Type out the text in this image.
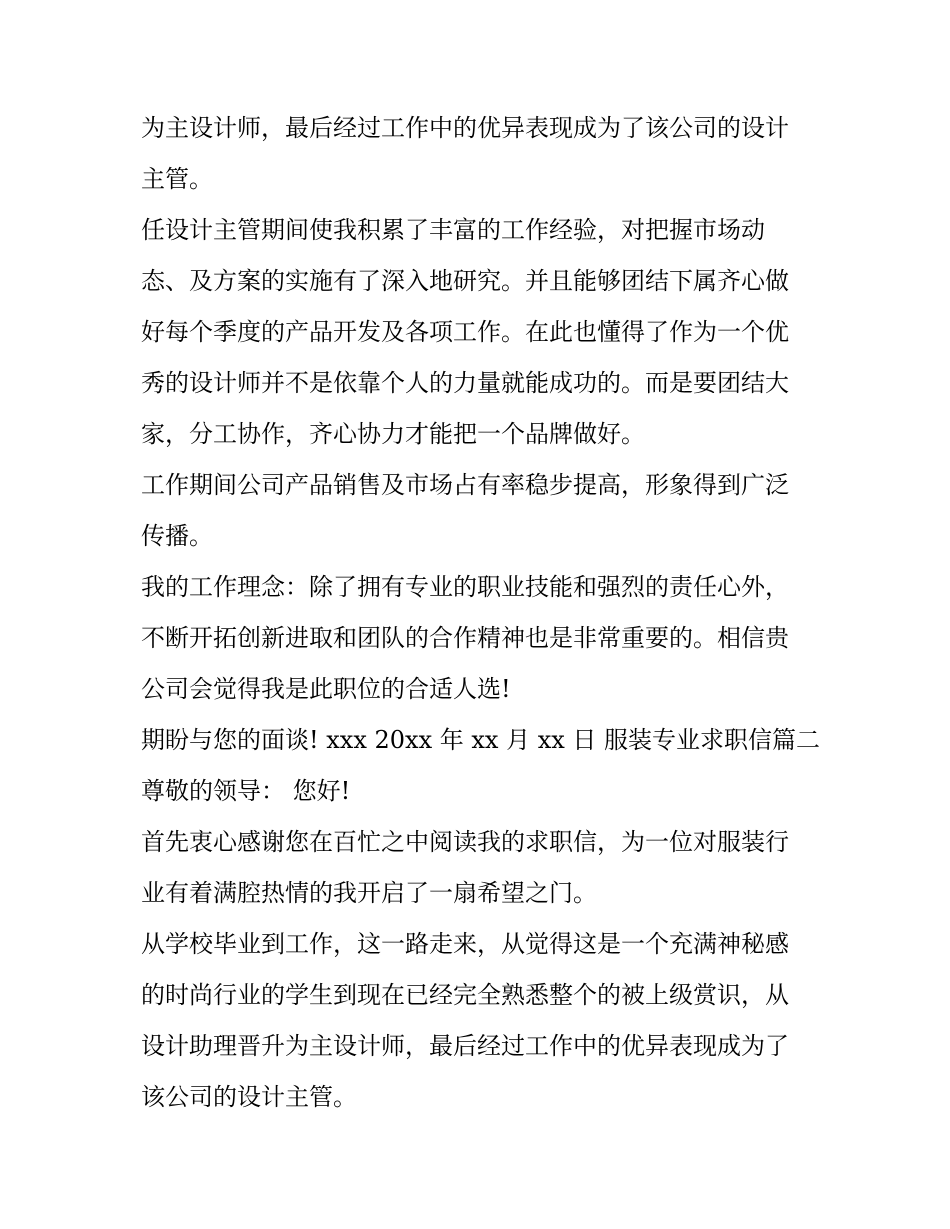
为主设计师，最后经过工作中的优异表现成为了该公司的设计
主管。
任设计主管期间使我积累了丰富的工作经验，对把握市场动
态、及方案的实施有了深入地研究。并且能够团结下属齐心做
好每个季度的产品开发及各项工作。在此也懂得了作为一个优
秀的设计师并不是依靠个人的力量就能成功的。而是要团结大
家，分工协作，齐心协力才能把一个品牌做好。
工作期间公司产品销售及市场占有率稳步提高，形象得到广泛
传播。
我的工作理念：除了拥有专业的职业技能和强烈的责任心外，
不断开拓创新进取和团队的合作精神也是非常重要的。相信贵
公司会觉得我是此职位的合适人选!
期盼与您的面谈! xxx 20xx 年 xx 月 xx 日 服装专业求职信篇二
尊敬的领导： 您好!
首先衷心感谢您在百忙之中阅读我的求职信，为一位对服装行
业有着满腔热情的我开启了一扇希望之门。
从学校毕业到工作，这一路走来，从觉得这是一个充满神秘感
的时尚行业的学生到现在已经完全熟悉整个的被上级赏识，从
设计助理晋升为主设计师，最后经过工作中的优异表现成为了
该公司的设计主管。
